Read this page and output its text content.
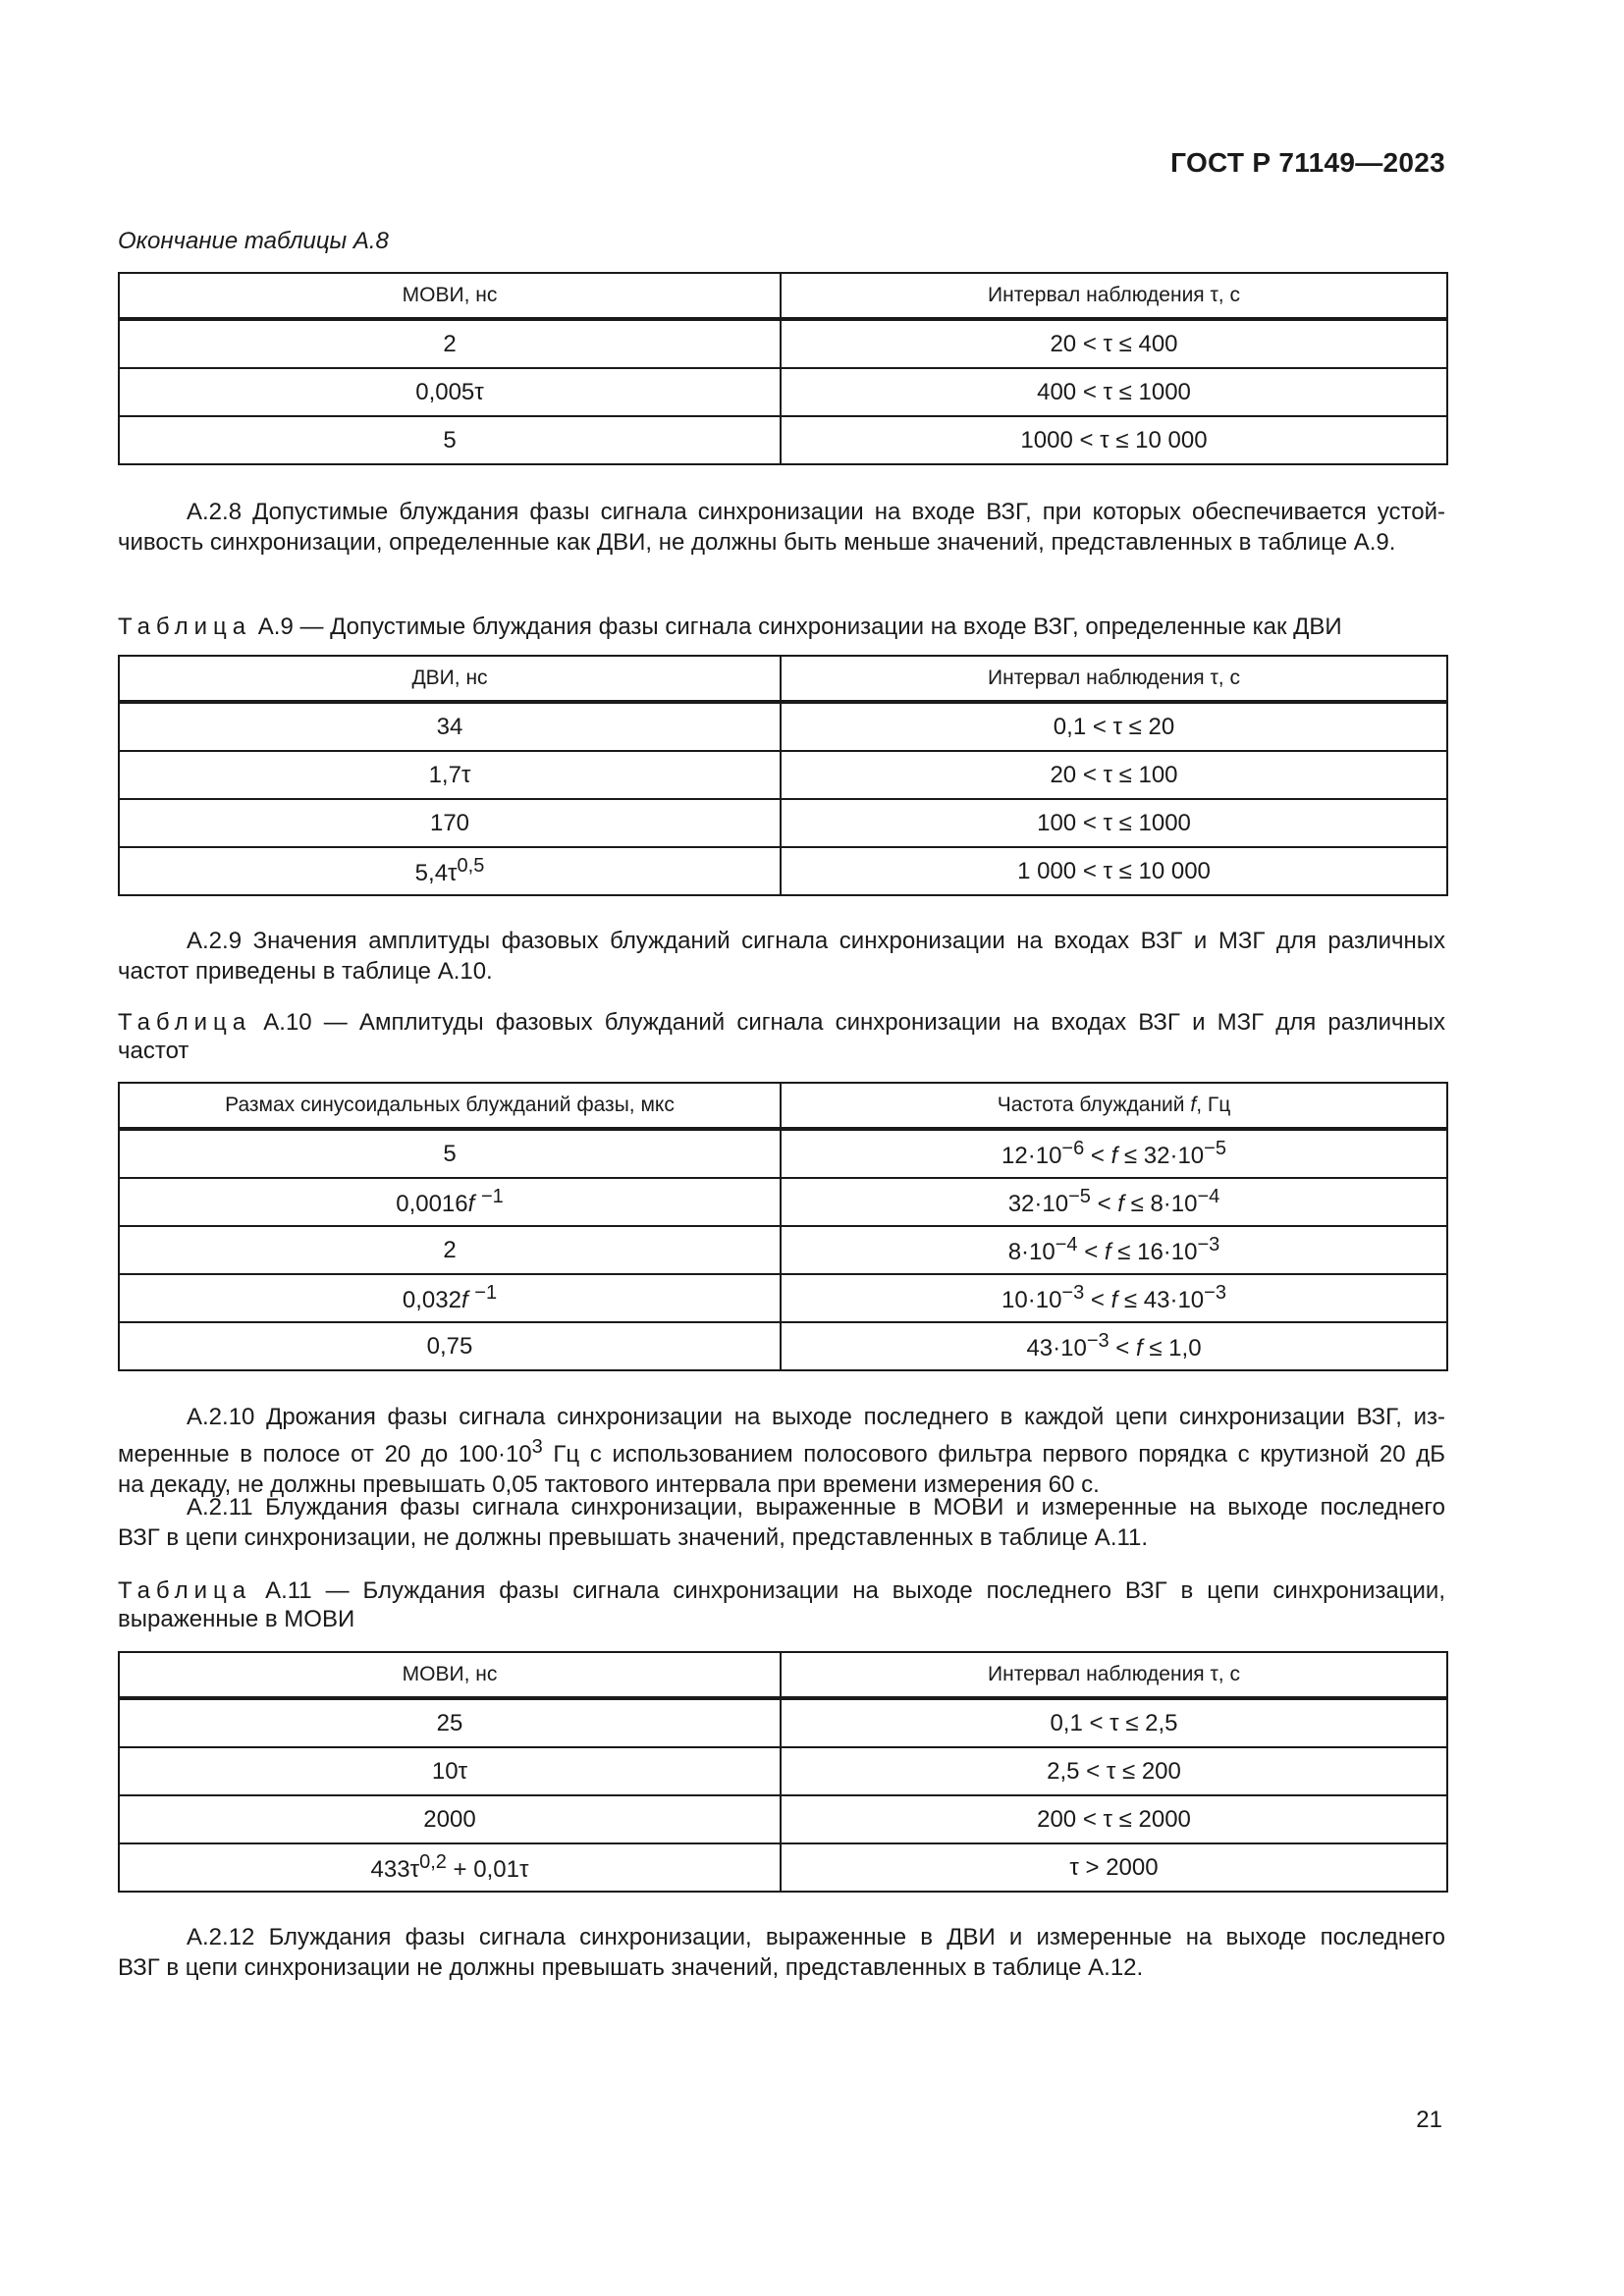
ГОСТ Р 71149—2023
Окончание таблицы А.8
МОВИ, нс	Интервал наблюдения τ, с
2	20 < τ ≤ 400
0,005τ	400 < τ ≤ 1000
5	1000 < τ ≤ 10 000
А.2.8 Допустимые блуждания фазы сигнала синхронизации на входе ВЗГ, при которых обеспечивается устой-
чивость синхронизации, определенные как ДВИ, не должны быть меньше значений, представленных в таблице А.9.
Таблица А.9 — Допустимые блуждания фазы сигнала синхронизации на входе ВЗГ, определенные как ДВИ
ДВИ, нс	Интервал наблюдения τ, с
34	0,1 < τ ≤ 20
1,7τ	20 < τ ≤ 100
170	100 < τ ≤ 1000
$5,4\tau^{0,5}$	1 000 < τ ≤ 10 000
А.2.9 Значения амплитуды фазовых блужданий сигнала синхронизации на входах ВЗГ и МЗГ для различных
частот приведены в таблице А.10.
Таблица А.10 — Амплитуды фазовых блужданий сигнала синхронизации на входах ВЗГ и МЗГ для различных
частот
Размах синусоидальных блужданий фазы, мкс	Частота блужданий f, Гц
5	$12\cdot 10^{-6} < f \le 32\cdot 10^{-5}$
0,0016f $^{-1}$	$32\cdot 10^{-5} < f \le 8\cdot 10^{-4}$
2	$8\cdot 10^{-4} < f \le 16\cdot 10^{-3}$
0,032f $^{-1}$	$10\cdot 10^{-3} < f \le 43\cdot 10^{-3}$
0,75	$43\cdot 10^{-3} < f \le 1,0$
А.2.10 Дрожания фазы сигнала синхронизации на выходе последнего в каждой цепи синхронизации ВЗГ, из-
меренные в полосе от 20 до $100\cdot 10^3$ Гц с использованием полосового фильтра первого порядка с крутизной 20 дБ
на декаду, не должны превышать 0,05 тактового интервала при времени измерения 60 с.
А.2.11 Блуждания фазы сигнала синхронизации, выраженные в МОВИ и измеренные на выходе последнего
ВЗГ в цепи синхронизации, не должны превышать значений, представленных в таблице А.11.
Таблица А.11 — Блуждания фазы сигнала синхронизации на выходе последнего ВЗГ в цепи синхронизации,
выраженные в МОВИ
МОВИ, нс	Интервал наблюдения τ, с
25	0,1 < τ ≤ 2,5
10τ	2,5 < τ ≤ 200
2000	200 < τ ≤ 2000
$433\tau^{0,2} + 0,01\tau$	τ > 2000
А.2.12 Блуждания фазы сигнала синхронизации, выраженные в ДВИ и измеренные на выходе последнего
ВЗГ в цепи синхронизации не должны превышать значений, представленных в таблице А.12.
21
